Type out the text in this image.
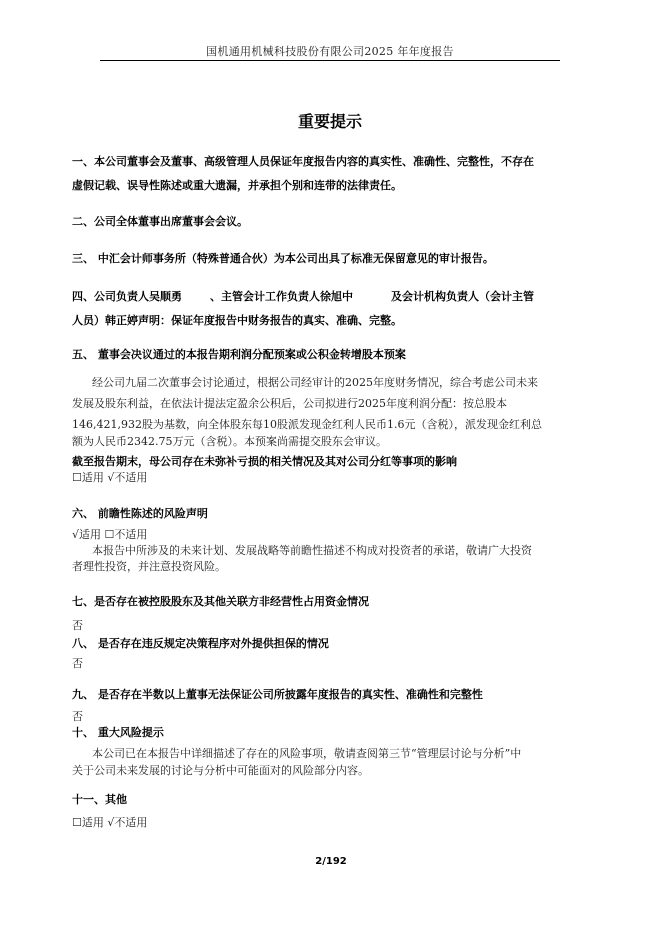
国机通用机械科技股份有限公司2025 年年度报告
重要提示
一、本公司董事会及董事、高级管理人员保证年度报告内容的真实性、准确性、完整性，不存在
虚假记载、误导性陈述或重大遗漏，并承担个别和连带的法律责任。
二、公司全体董事出席董事会会议。
三、 中汇会计师事务所（特殊普通合伙）为本公司出具了标准无保留意见的审计报告。
四、公司负责人吴顺勇	、主管会计工作负责人徐旭中	及会计机构负责人（会计主管
人员）韩正婷声明：保证年度报告中财务报告的真实、准确、完整。
五、 董事会决议通过的本报告期利润分配预案或公积金转增股本预案
经公司九届二次董事会讨论通过，根据公司经审计的2025年度财务情况，综合考虑公司未来
发展及股东利益，在依法计提法定盈余公积后，公司拟进行2025年度利润分配：按总股本
146,421,932股为基数，向全体股东每10股派发现金红利人民币1.6元（含税），派发现金红利总
额为人民币2342.75万元（含税）。本预案尚需提交股东会审议。
截至报告期末，母公司存在未弥补亏损的相关情况及其对公司分红等事项的影响
☐适用 √不适用
六、 前瞻性陈述的风险声明
√适用 ☐不适用
本报告中所涉及的未来计划、发展战略等前瞻性描述不构成对投资者的承诺，敬请广大投资
者理性投资，并注意投资风险。
七、是否存在被控股股东及其他关联方非经营性占用资金情况
否
八、 是否存在违反规定决策程序对外提供担保的情况
否
九、 是否存在半数以上董事无法保证公司所披露年度报告的真实性、准确性和完整性
否
十、 重大风险提示
本公司已在本报告中详细描述了存在的风险事项，敬请查阅第三节“管理层讨论与分析”中
关于公司未来发展的讨论与分析中可能面对的风险部分内容。
十一、其他
☐适用 √不适用
2/192
